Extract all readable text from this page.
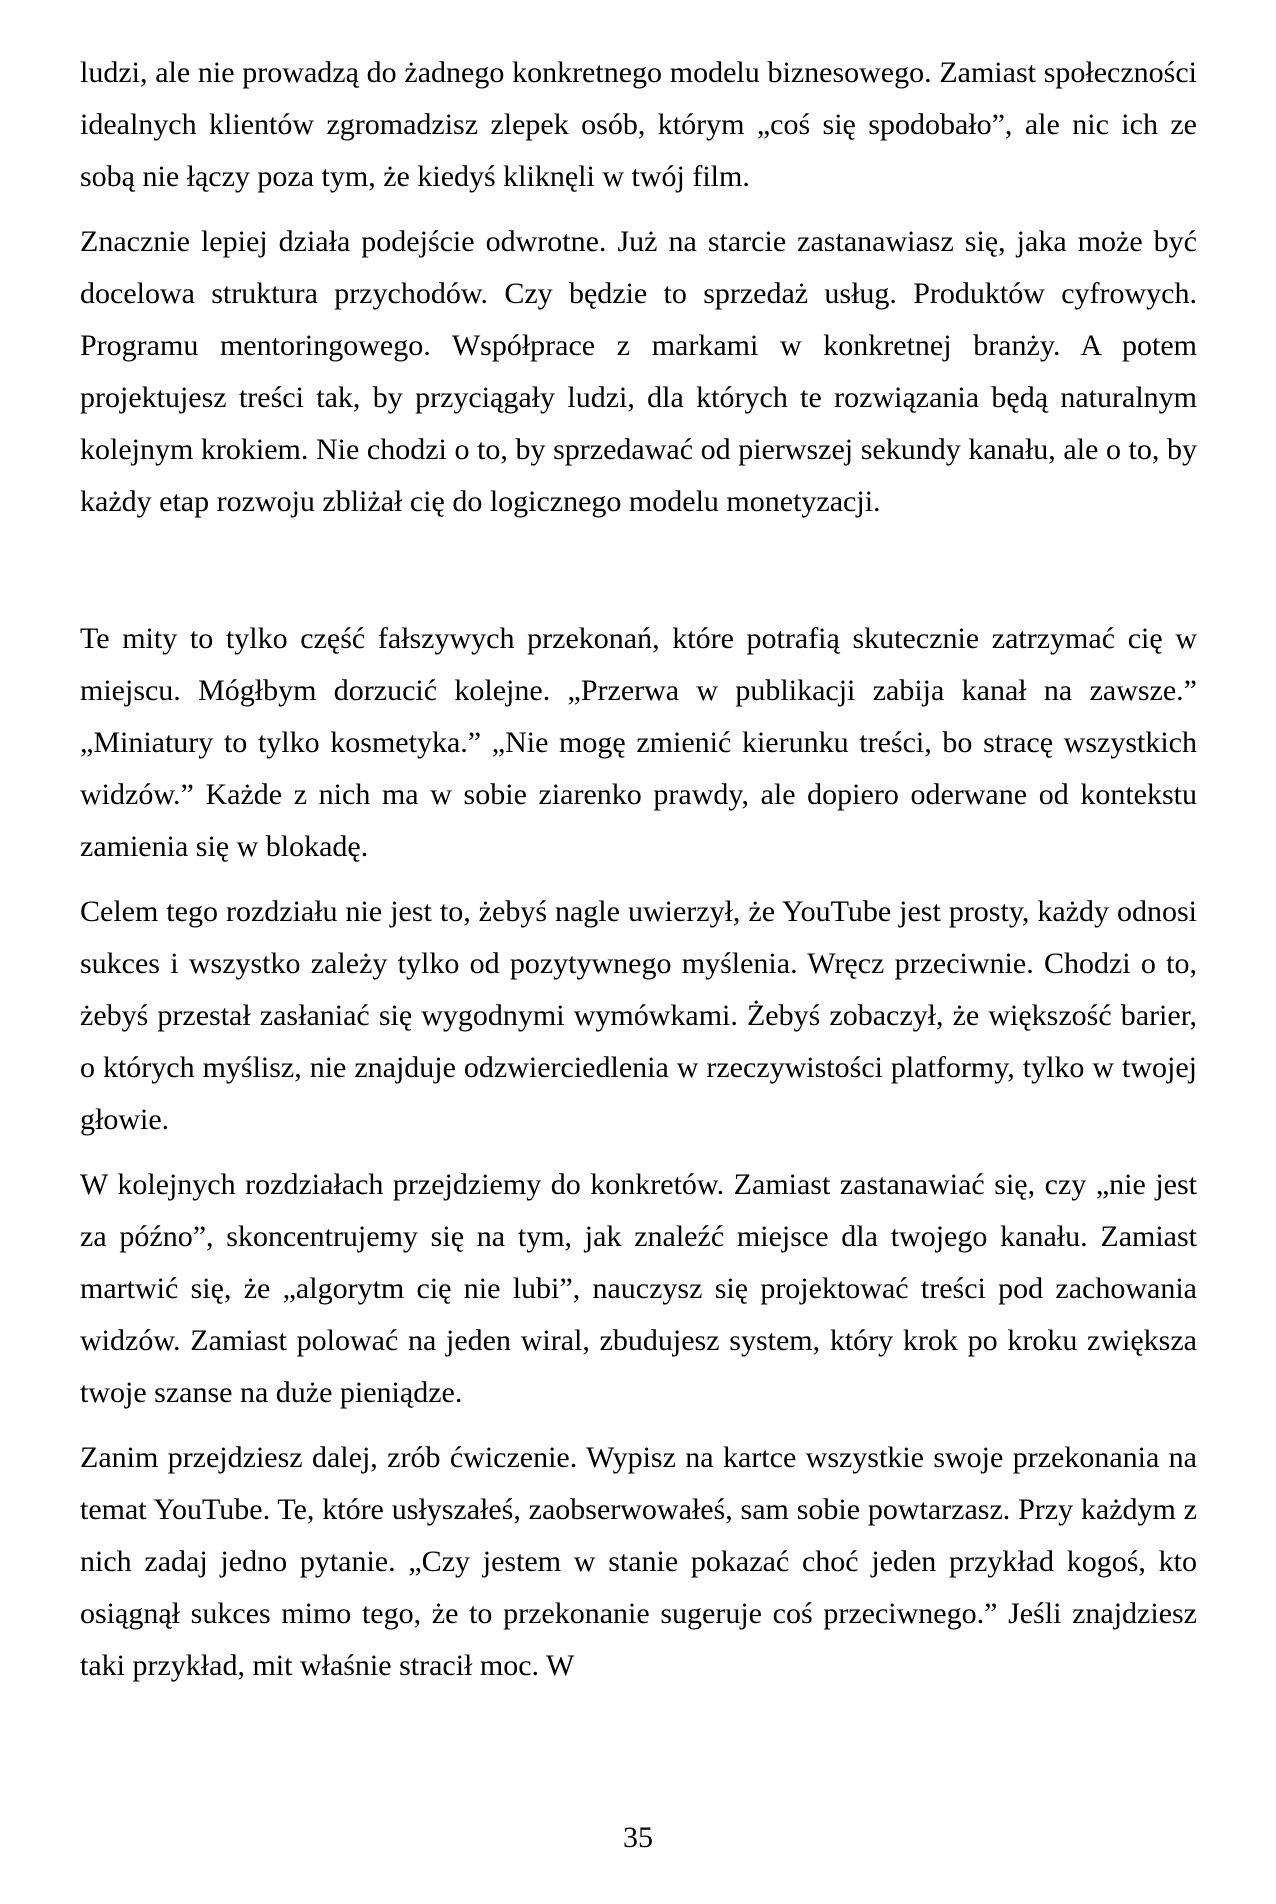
ludzi, ale nie prowadzą do żadnego konkretnego modelu biznesowego. Zamiast społeczności idealnych klientów zgromadzisz zlepek osób, którym „coś się spodobało”, ale nic ich ze sobą nie łączy poza tym, że kiedyś kliknęli w twój film.

Znacznie lepiej działa podejście odwrotne. Już na starcie zastanawiasz się, jaka może być docelowa struktura przychodów. Czy będzie to sprzedaż usług. Produktów cyfrowych. Programu mentoringowego. Współprace z markami w konkretnej branży. A potem projektujesz treści tak, by przyciągały ludzi, dla których te rozwiązania będą naturalnym kolejnym krokiem. Nie chodzi o to, by sprzedawać od pierwszej sekundy kanału, ale o to, by każdy etap rozwoju zbliżał cię do logicznego modelu monetyzacji.

Te mity to tylko część fałszywych przekonań, które potrafią skutecznie zatrzymać cię w miejscu. Mógłbym dorzucić kolejne. „Przerwa w publikacji zabija kanał na zawsze.” „Miniatury to tylko kosmetyka.” „Nie mogę zmienić kierunku treści, bo stracę wszystkich widzów.” Każde z nich ma w sobie ziarenko prawdy, ale dopiero oderwane od kontekstu zamienia się w blokadę.

Celem tego rozdziału nie jest to, żebyś nagle uwierzył, że YouTube jest prosty, każdy odnosi sukces i wszystko zależy tylko od pozytywnego myślenia. Wręcz przeciwnie. Chodzi o to, żebyś przestał zasłaniać się wygodnymi wymówkami. Żebyś zobaczył, że większość barier, o których myślisz, nie znajduje odzwierciedlenia w rzeczywistości platformy, tylko w twojej głowie.

W kolejnych rozdziałach przejdziemy do konkretów. Zamiast zastanawiać się, czy „nie jest za późno”, skoncentrujemy się na tym, jak znaleźć miejsce dla twojego kanału. Zamiast martwić się, że „algorytm cię nie lubi”, nauczysz się projektować treści pod zachowania widzów. Zamiast polować na jeden wiral, zbudujesz system, który krok po kroku zwiększa twoje szanse na duże pieniądze.

Zanim przejdziesz dalej, zrób ćwiczenie. Wypisz na kartce wszystkie swoje przekonania na temat YouTube. Te, które usłyszałeś, zaobserwowałeś, sam sobie powtarzasz. Przy każdym z nich zadaj jedno pytanie. „Czy jestem w stanie pokazać choć jeden przykład kogoś, kto osiągnął sukces mimo tego, że to przekonanie sugeruje coś przeciwnego.” Jeśli znajdziesz taki przykład, mit właśnie stracił moc. W

35
